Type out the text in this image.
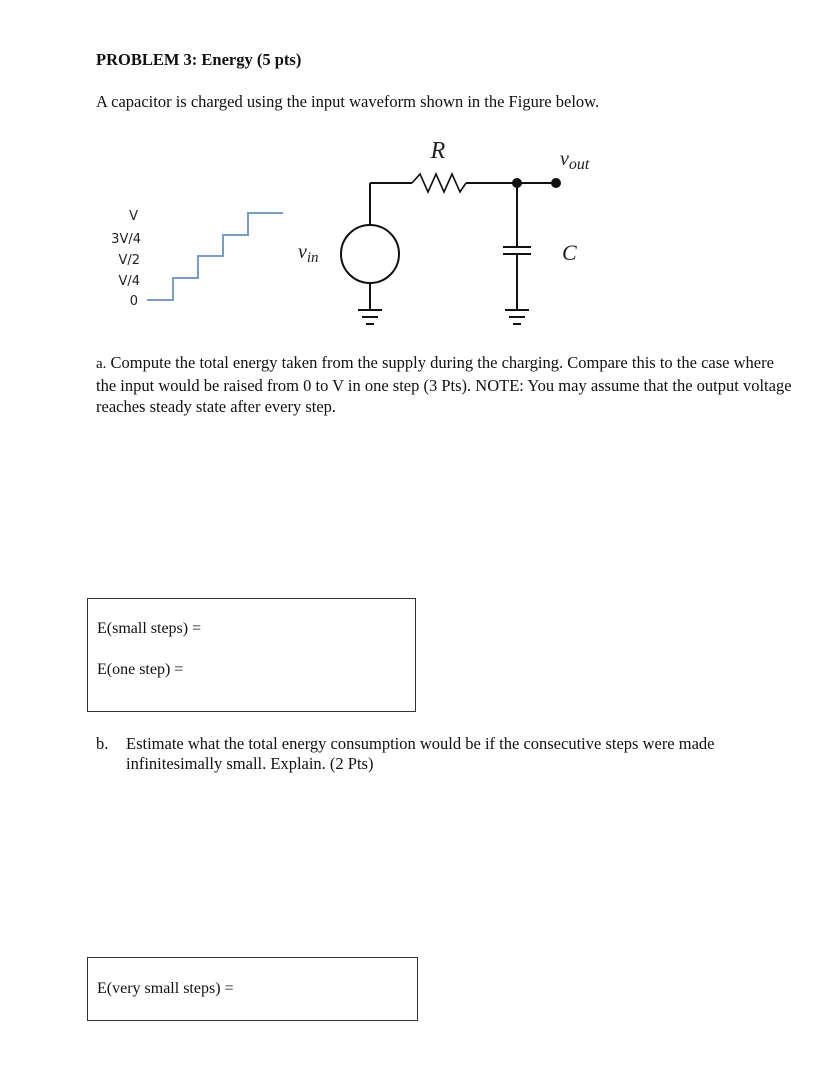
PROBLEM 3: Energy (5 pts)
A capacitor is charged using the input waveform shown in the Figure below.
V
3V/4
V/2
V/4
0
$v_{in}$
R	$v_{out}$
C
a. Compute the total energy taken from the supply during the charging. Compare this to the case where the input would be raised from 0 to V in one step (3 Pts). NOTE: You may assume that the output voltage reaches steady state after every step.
E(small steps) =
E(one step) =
b. Estimate what the total energy consumption would be if the consecutive steps were made infinitesimally small. Explain. (2 Pts)
E(very small steps) =
